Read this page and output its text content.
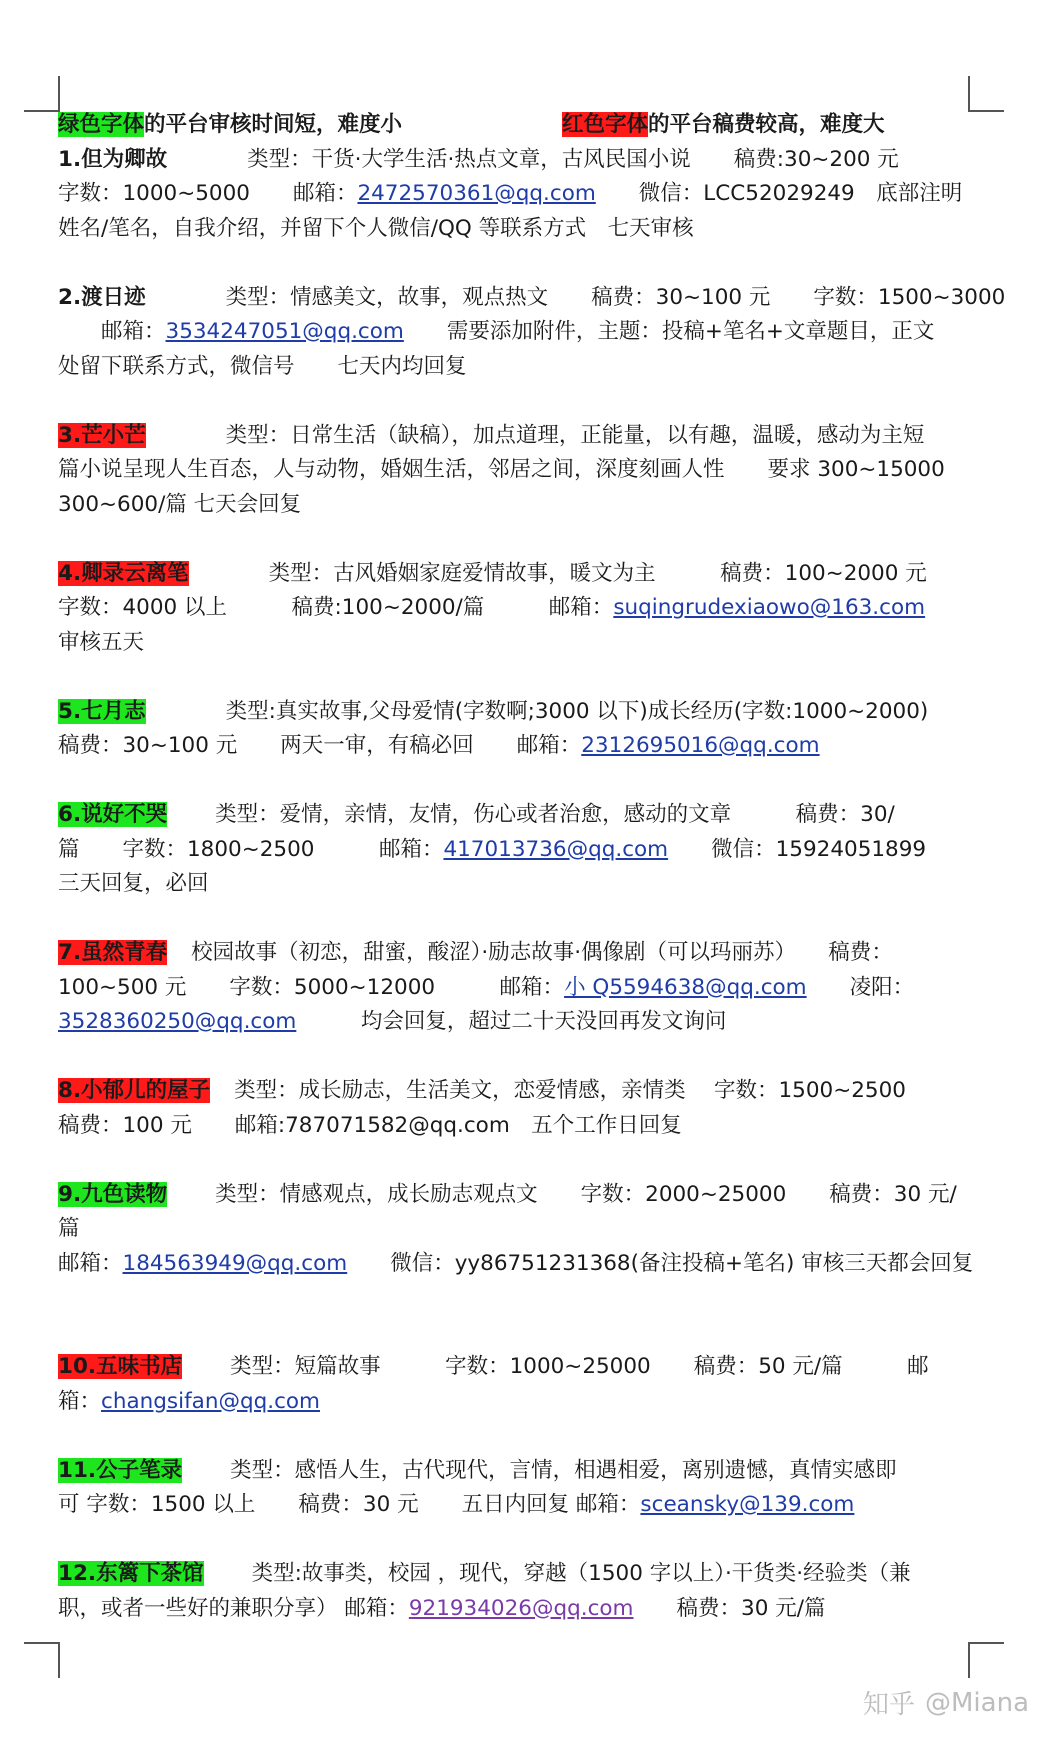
绿色字体的平台审核时间短，难度小	红色字体的平台稿费较高，难度大
1.但为卿故	类型：干货·大学生活·热点文章，古风民国小说　　稿费:30~200 元
字数：1000~5000　　邮箱：2472570361@qq.com　　微信：LCC52029249　底部注明
姓名/笔名，自我介绍，并留下个人微信/QQ 等联系方式　七天审核
2.渡日迹	类型：情感美文，故事，观点热文　　稿费：30~100 元　　字数：1500~3000
　　邮箱：3534247051@qq.com　　需要添加附件，主题：投稿+笔名+文章题目，正文
处留下联系方式，微信号　　七天内均回复
3.芒小芒	类型：日常生活（缺稿），加点道理，正能量，以有趣，温暖，感动为主短
篇小说呈现人生百态，人与动物，婚姻生活，邻居之间，深度刻画人性　　要求 300~15000
300~600/篇 七天会回复
4.卿录云离笔	类型：古风婚姻家庭爱情故事，暖文为主　　　稿费：100~2000 元
字数：4000 以上　　　稿费:100~2000/篇　　　邮箱：suqingrudexiaowo@163.com
审核五天
5.七月志	类型:真实故事,父母爱情(字数啊;3000 以下)成长经历(字数:1000~2000)
稿费：30~100 元　　两天一审，有稿必回　　邮箱：2312695016@qq.com
6.说好不哭 类型：爱情，亲情，友情，伤心或者治愈，感动的文章　　　稿费：30/
篇　　字数：1800~2500　　　邮箱：417013736@qq.com　　微信：15924051899
三天回复，必回
7.虽然青春 校园故事（初恋，甜蜜，酸涩）·励志故事·偶像剧（可以玛丽苏）　　稿费：
100~500 元　　字数：5000~12000　　　邮箱：小 Q5594638@qq.com　　凌阳：
3528360250@qq.com　　　均会回复，超过二十天没回再发文询问
8.小郁儿的屋子 类型：成长励志，生活美文，恋爱情感，亲情类　 字数：1500~2500
稿费：100 元　　邮箱:787071582@qq.com　五个工作日回复
9.九色读物 类型：情感观点，成长励志观点文　　字数：2000~25000　　稿费：30 元/
篇
邮箱：184563949@qq.com　　微信：yy86751231368(备注投稿+笔名) 审核三天都会回复
10.五味书店 类型：短篇故事　　　字数：1000~25000　　稿费：50 元/篇　　　邮
箱：changsifan@qq.com
11.公子笔录 类型：感悟人生，古代现代，言情，相遇相爱，离别遗憾，真情实感即
可 字数：1500 以上　　稿费：30 元　　五日内回复 邮箱：sceansky@139.com
12.东篱下茶馆 类型:故事类，校园 ，现代，穿越（1500 字以上）·干货类·经验类（兼
职，或者一些好的兼职分享） 邮箱：921934026@qq.com　　稿费：30 元/篇
知乎 @Miana
